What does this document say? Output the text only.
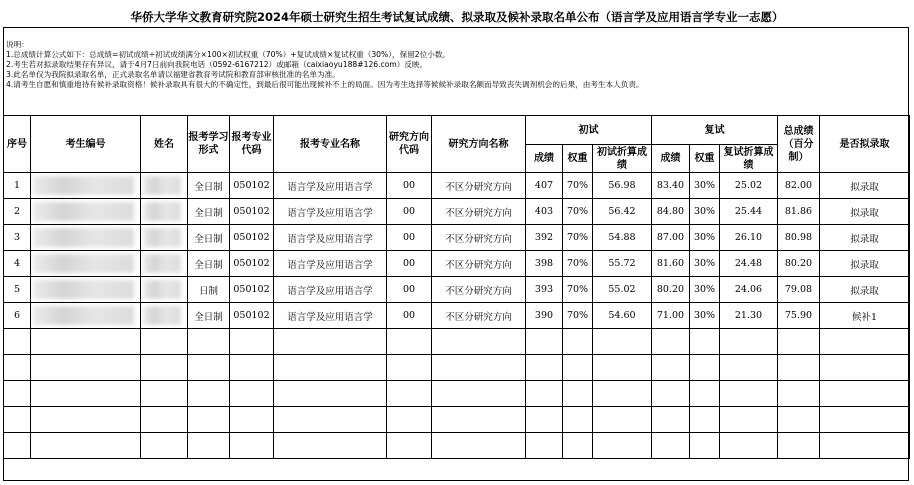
华侨大学华文教育研究院2024年硕士研究生招生考试复试成绩、拟录取及候补录取名单公布（语言学及应用语言学专业一志愿）
说明：
1.总成绩计算公式如下：总成绩=初试成绩÷初试成绩满分×100×初试权重（70%）+复试成绩×复试权重（30%），保留2位小数。
2.考生若对拟录取结果存有异议，请于4月7日前向我院电话（0592-6167212）或邮箱（caixiaoyu188#126.com）反映。
3.此名单仅为我院拟录取名单，正式录取名单请以福建省教育考试院和教育部审核批准的名单为准。
4.请考生自愿和慎重地待有候补录取资格！候补录取具有很大的不确定性，到最后很可能出现候补不上的局面。因为考生选择等候候补录取名额而导致丧失调剂机会的后果，由考生本人负责。
序号	考生编号	姓名	报考学习形式	报考专业代码	报考专业名称	研究方向代码	研究方向名称	初试			复试			总成绩（百分制）	是否拟录取
								成绩	权重	初试折算成绩	成绩	权重	复试折算成绩		
1			全日制	050102	语言学及应用语言学	00	不区分研究方向	407	70%	56.98	83.40	30%	25.02	82.00	拟录取
2			全日制	050102	语言学及应用语言学	00	不区分研究方向	403	70%	56.42	84.80	30%	25.44	81.86	拟录取
3			全日制	050102	语言学及应用语言学	00	不区分研究方向	392	70%	54.88	87.00	30%	26.10	80.98	拟录取
4			全日制	050102	语言学及应用语言学	00	不区分研究方向	398	70%	55.72	81.60	30%	24.48	80.20	拟录取
5			日制	050102	语言学及应用语言学	00	不区分研究方向	393	70%	55.02	80.20	30%	24.06	79.08	拟录取
6			全日制	050102	语言学及应用语言学	00	不区分研究方向	390	70%	54.60	71.00	30%	21.30	75.90	候补1
